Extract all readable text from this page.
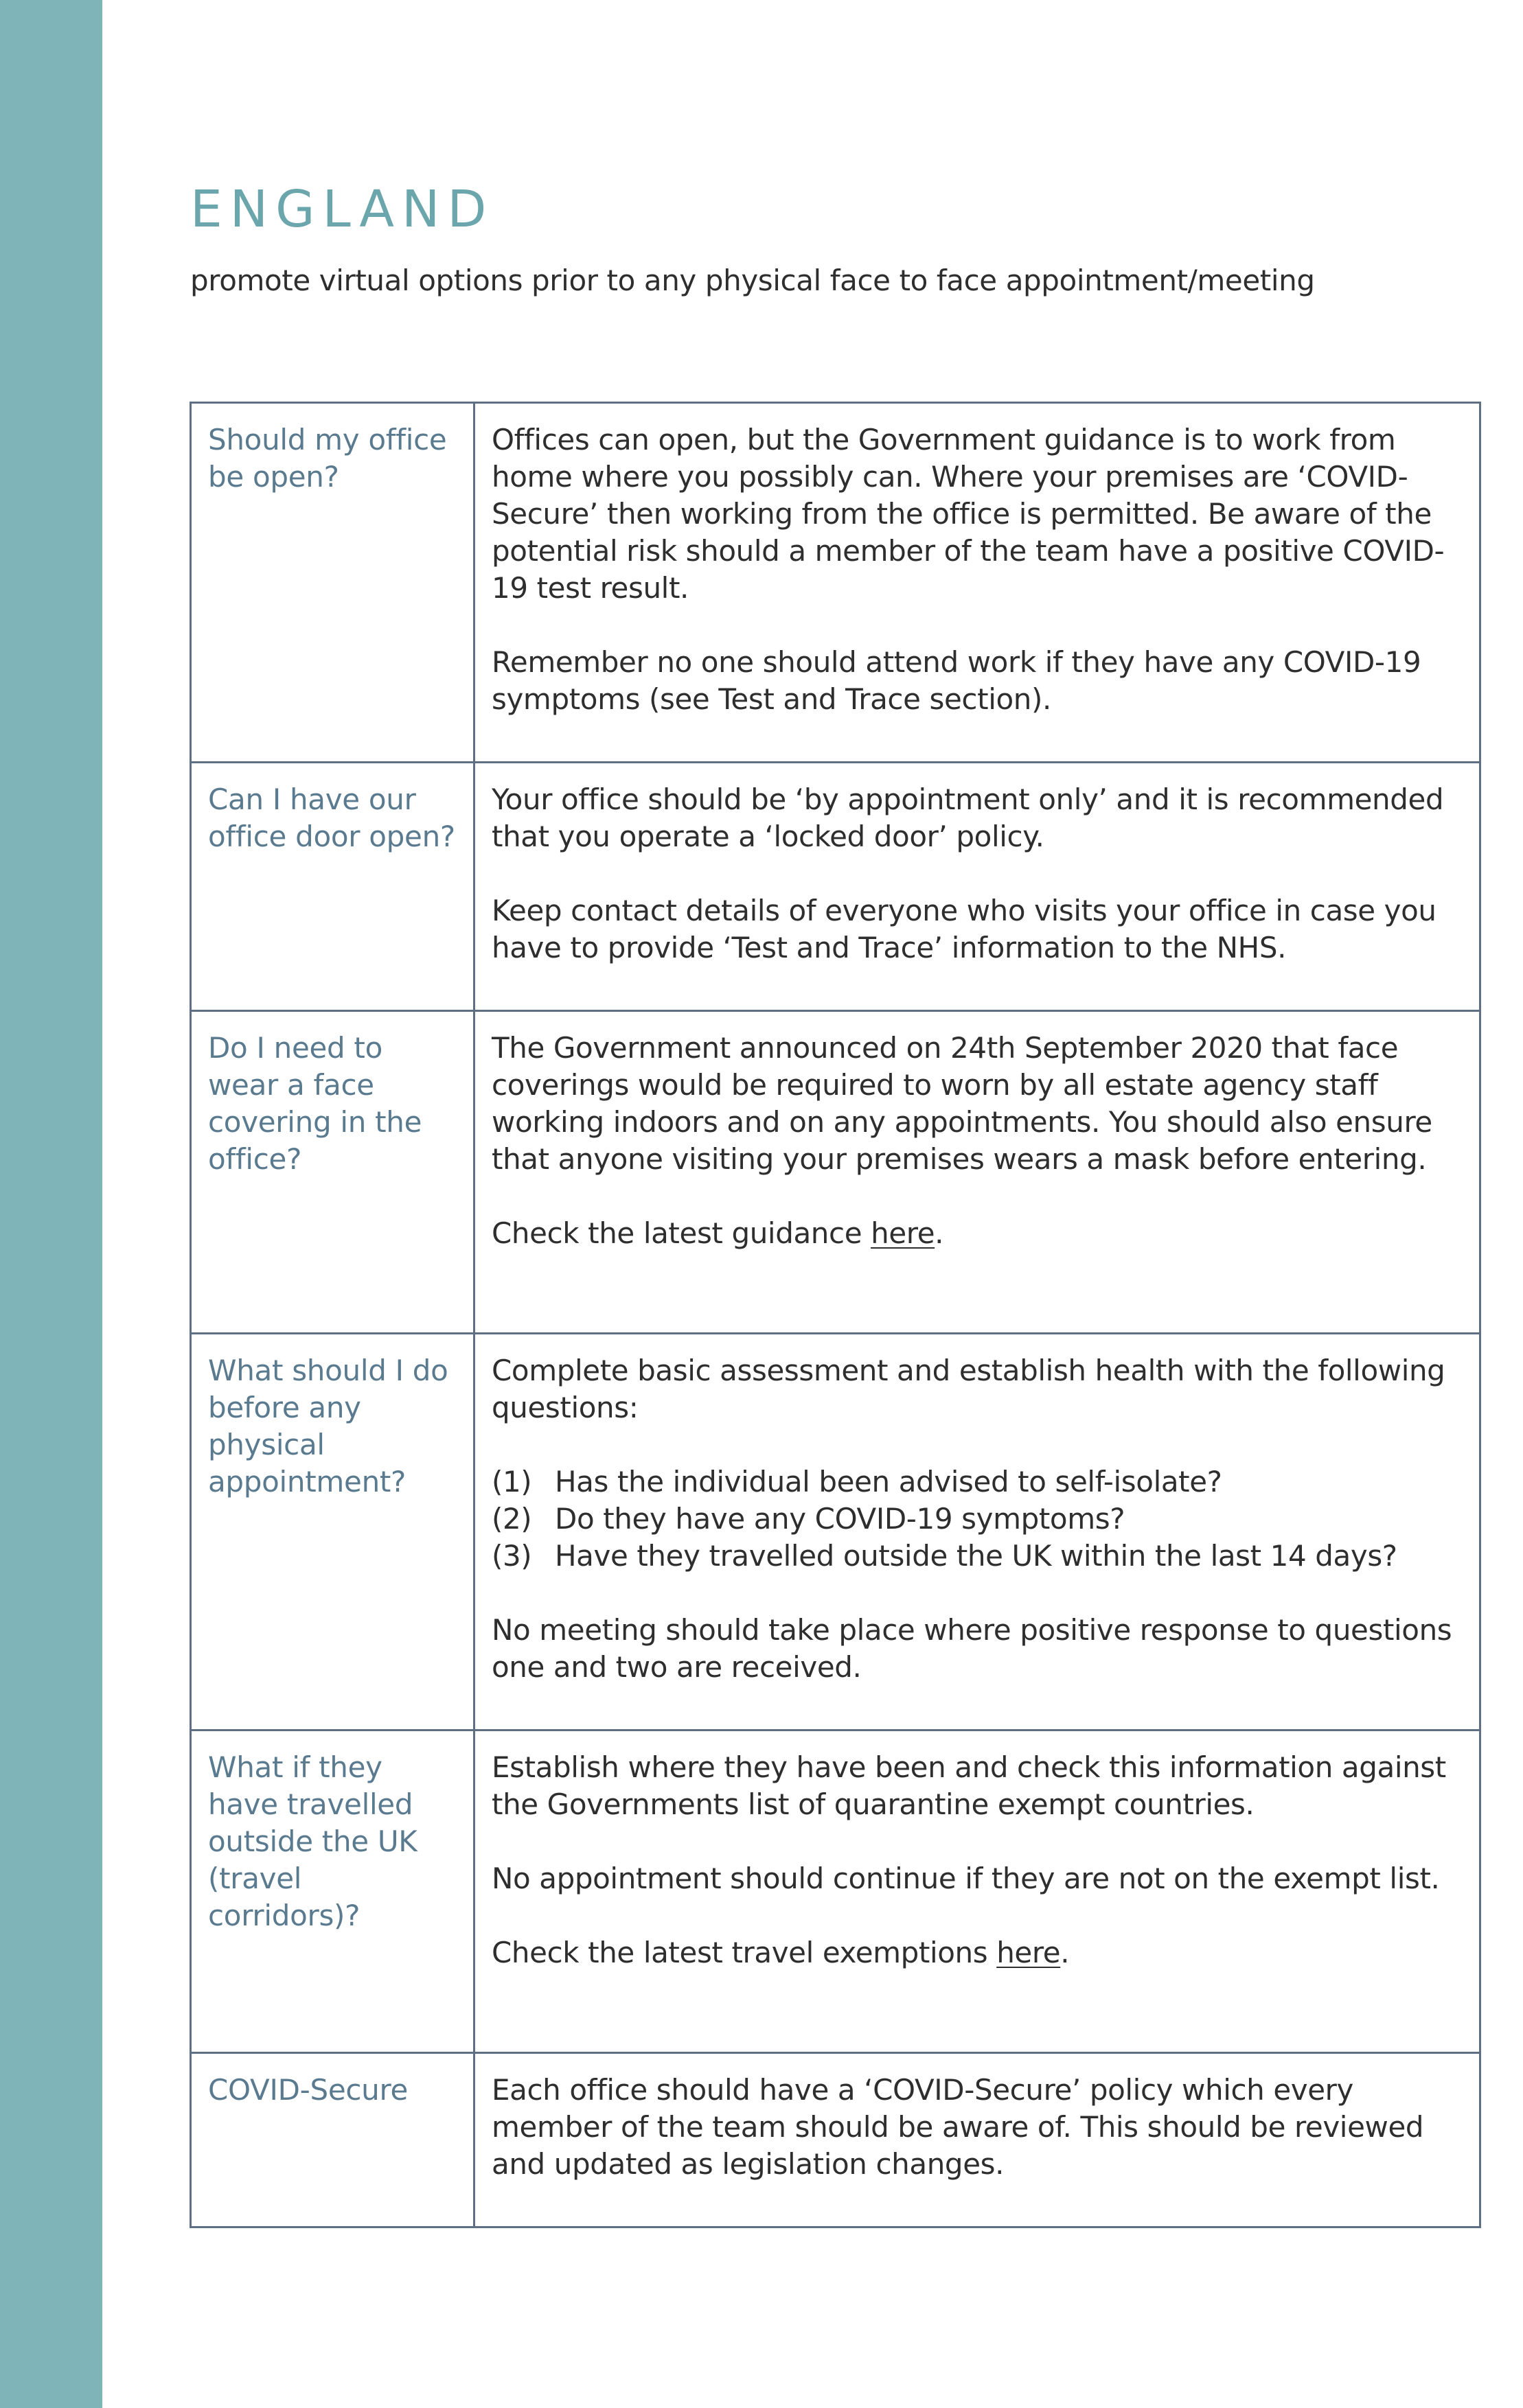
ENGLAND

promote virtual options prior to any physical face to face appointment/meeting

Should my office be open?	Offices can open, but the Government guidance is to work from home where you possibly can. Where your premises are ‘COVID-Secure’ then working from the office is permitted. Be aware of the potential risk should a member of the team have a positive COVID-19 test result.

Remember no one should attend work if they have any COVID-19 symptoms (see Test and Trace section).

Can I have our office door open?	Your office should be ‘by appointment only’ and it is recommended that you operate a ‘locked door’ policy.

Keep contact details of everyone who visits your office in case you have to provide ‘Test and Trace’ information to the NHS.

Do I need to wear a face covering in the office?	The Government announced on 24th September 2020 that face coverings would be required to worn by all estate agency staff working indoors and on any appointments. You should also ensure that anyone visiting your premises wears a mask before entering.

Check the latest guidance here.

What should I do before any physical appointment?	Complete basic assessment and establish health with the following questions:

(1) Has the individual been advised to self-isolate?
(2) Do they have any COVID-19 symptoms?
(3) Have they travelled outside the UK within the last 14 days?

No meeting should take place where positive response to questions one and two are received.

What if they have travelled outside the UK (travel corridors)?	Establish where they have been and check this information against the Governments list of quarantine exempt countries.

No appointment should continue if they are not on the exempt list.

Check the latest travel exemptions here.

COVID-Secure	Each office should have a ‘COVID-Secure’ policy which every member of the team should be aware of. This should be reviewed and updated as legislation changes.
